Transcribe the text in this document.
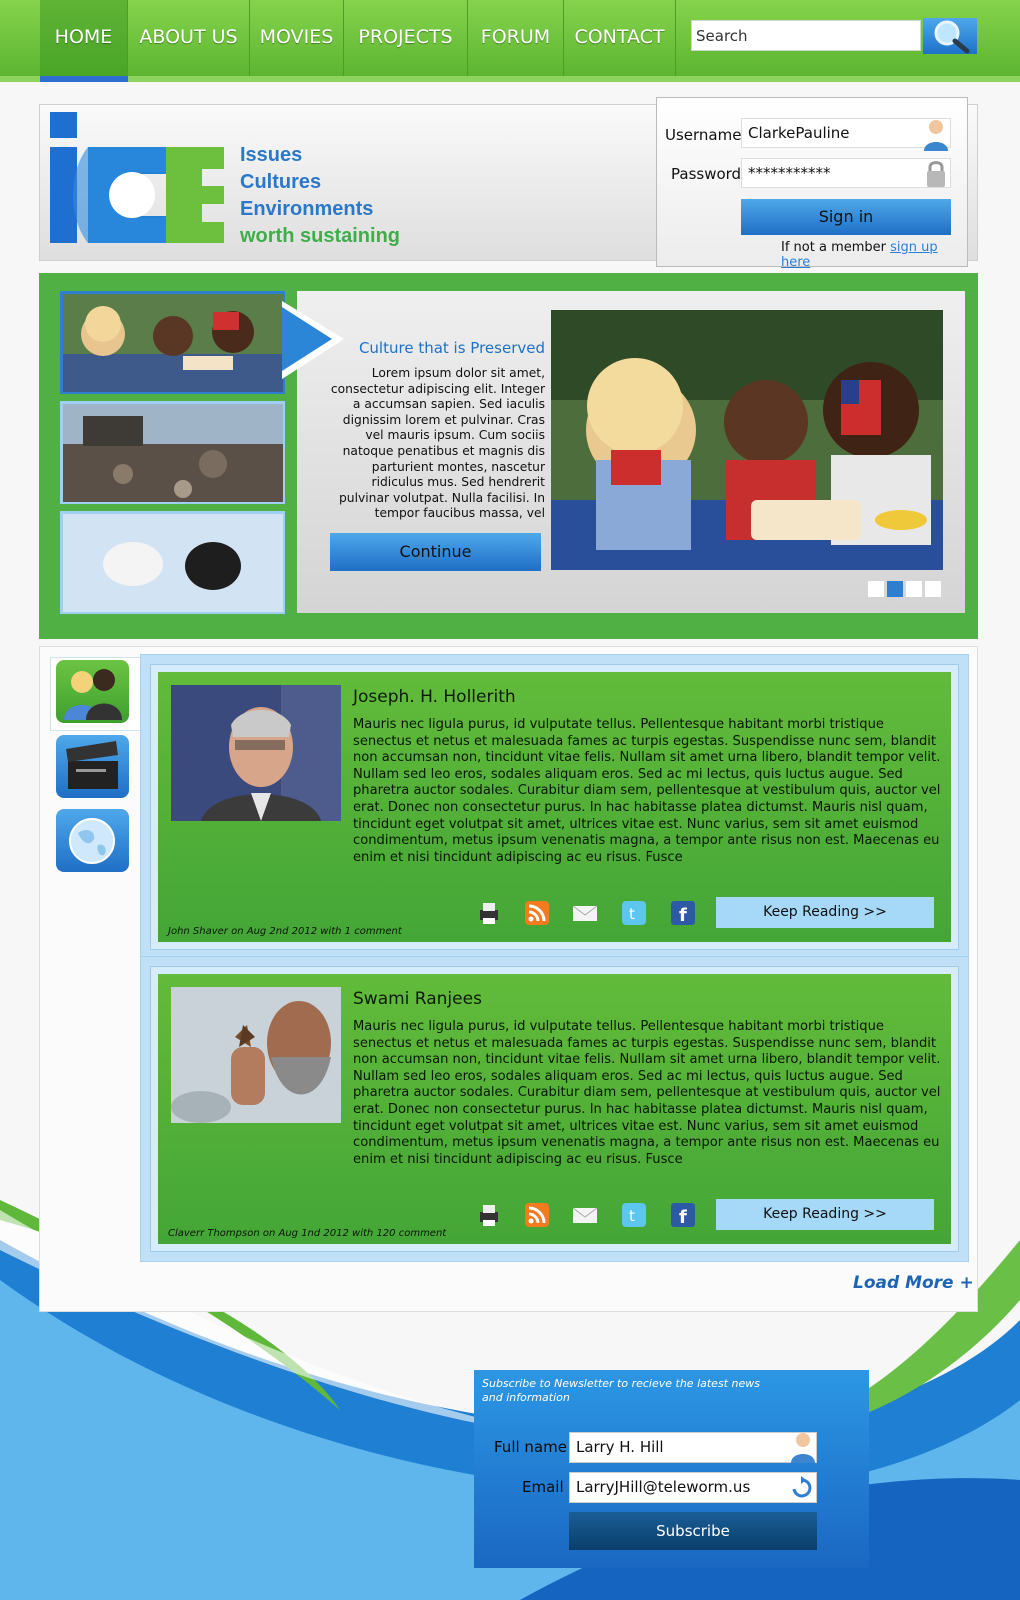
HOME	ABOUT US	MOVIES	PROJECTS	FORUM	CONTACT
Search
Issues
Cultures
Environments
worth sustaining
Username ClarkePauline
Password ***********
Sign in
If not a member sign up here
Culture that is Preserved
Lorem ipsum dolor sit amet, consectetur adipiscing elit. Integer a accumsan sapien. Sed iaculis dignissim lorem et pulvinar. Cras vel mauris ipsum. Cum sociis natoque penatibus et magnis dis parturient montes, nascetur ridiculus mus. Sed hendrerit pulvinar volutpat. Nulla facilisi. In tempor faucibus massa, vel
Continue
Joseph. H. Hollerith
Mauris nec ligula purus, id vulputate tellus. Pellentesque habitant morbi tristique senectus et netus et malesuada fames ac turpis egestas. Suspendisse nunc sem, blandit non accumsan non, tincidunt vitae felis. Nullam sit amet urna libero, blandit tempor velit. Nullam sed leo eros, sodales aliquam eros. Sed ac mi lectus, quis luctus augue. Sed pharetra auctor sodales. Curabitur diam sem, pellentesque at vestibulum quis, auctor vel erat. Donec non consectetur purus. In hac habitasse platea dictumst. Mauris nisl quam, tincidunt eget volutpat sit amet, ultrices vitae est. Nunc varius, sem sit amet euismod condimentum, metus ipsum venenatis magna, a tempor ante risus non est. Maecenas eu enim et nisi tincidunt adipiscing ac eu risus. Fusce
t f	Keep Reading >>
John Shaver on Aug 2nd 2012 with 1 comment
Swami Ranjees
Mauris nec ligula purus, id vulputate tellus. Pellentesque habitant morbi tristique senectus et netus et malesuada fames ac turpis egestas. Suspendisse nunc sem, blandit non accumsan non, tincidunt vitae felis. Nullam sit amet urna libero, blandit tempor velit. Nullam sed leo eros, sodales aliquam eros. Sed ac mi lectus, quis luctus augue. Sed pharetra auctor sodales. Curabitur diam sem, pellentesque at vestibulum quis, auctor vel erat. Donec non consectetur purus. In hac habitasse platea dictumst. Mauris nisl quam, tincidunt eget volutpat sit amet, ultrices vitae est. Nunc varius, sem sit amet euismod condimentum, metus ipsum venenatis magna, a tempor ante risus non est. Maecenas eu enim et nisi tincidunt adipiscing ac eu risus. Fusce
t f	Keep Reading >>
Claverr Thompson on Aug 1nd 2012 with 120 comment
Load More +
Subscribe to Newsletter to recieve the latest news and information
Full name Larry H. Hill
Email LarryJHill@teleworm.us
Subscribe
